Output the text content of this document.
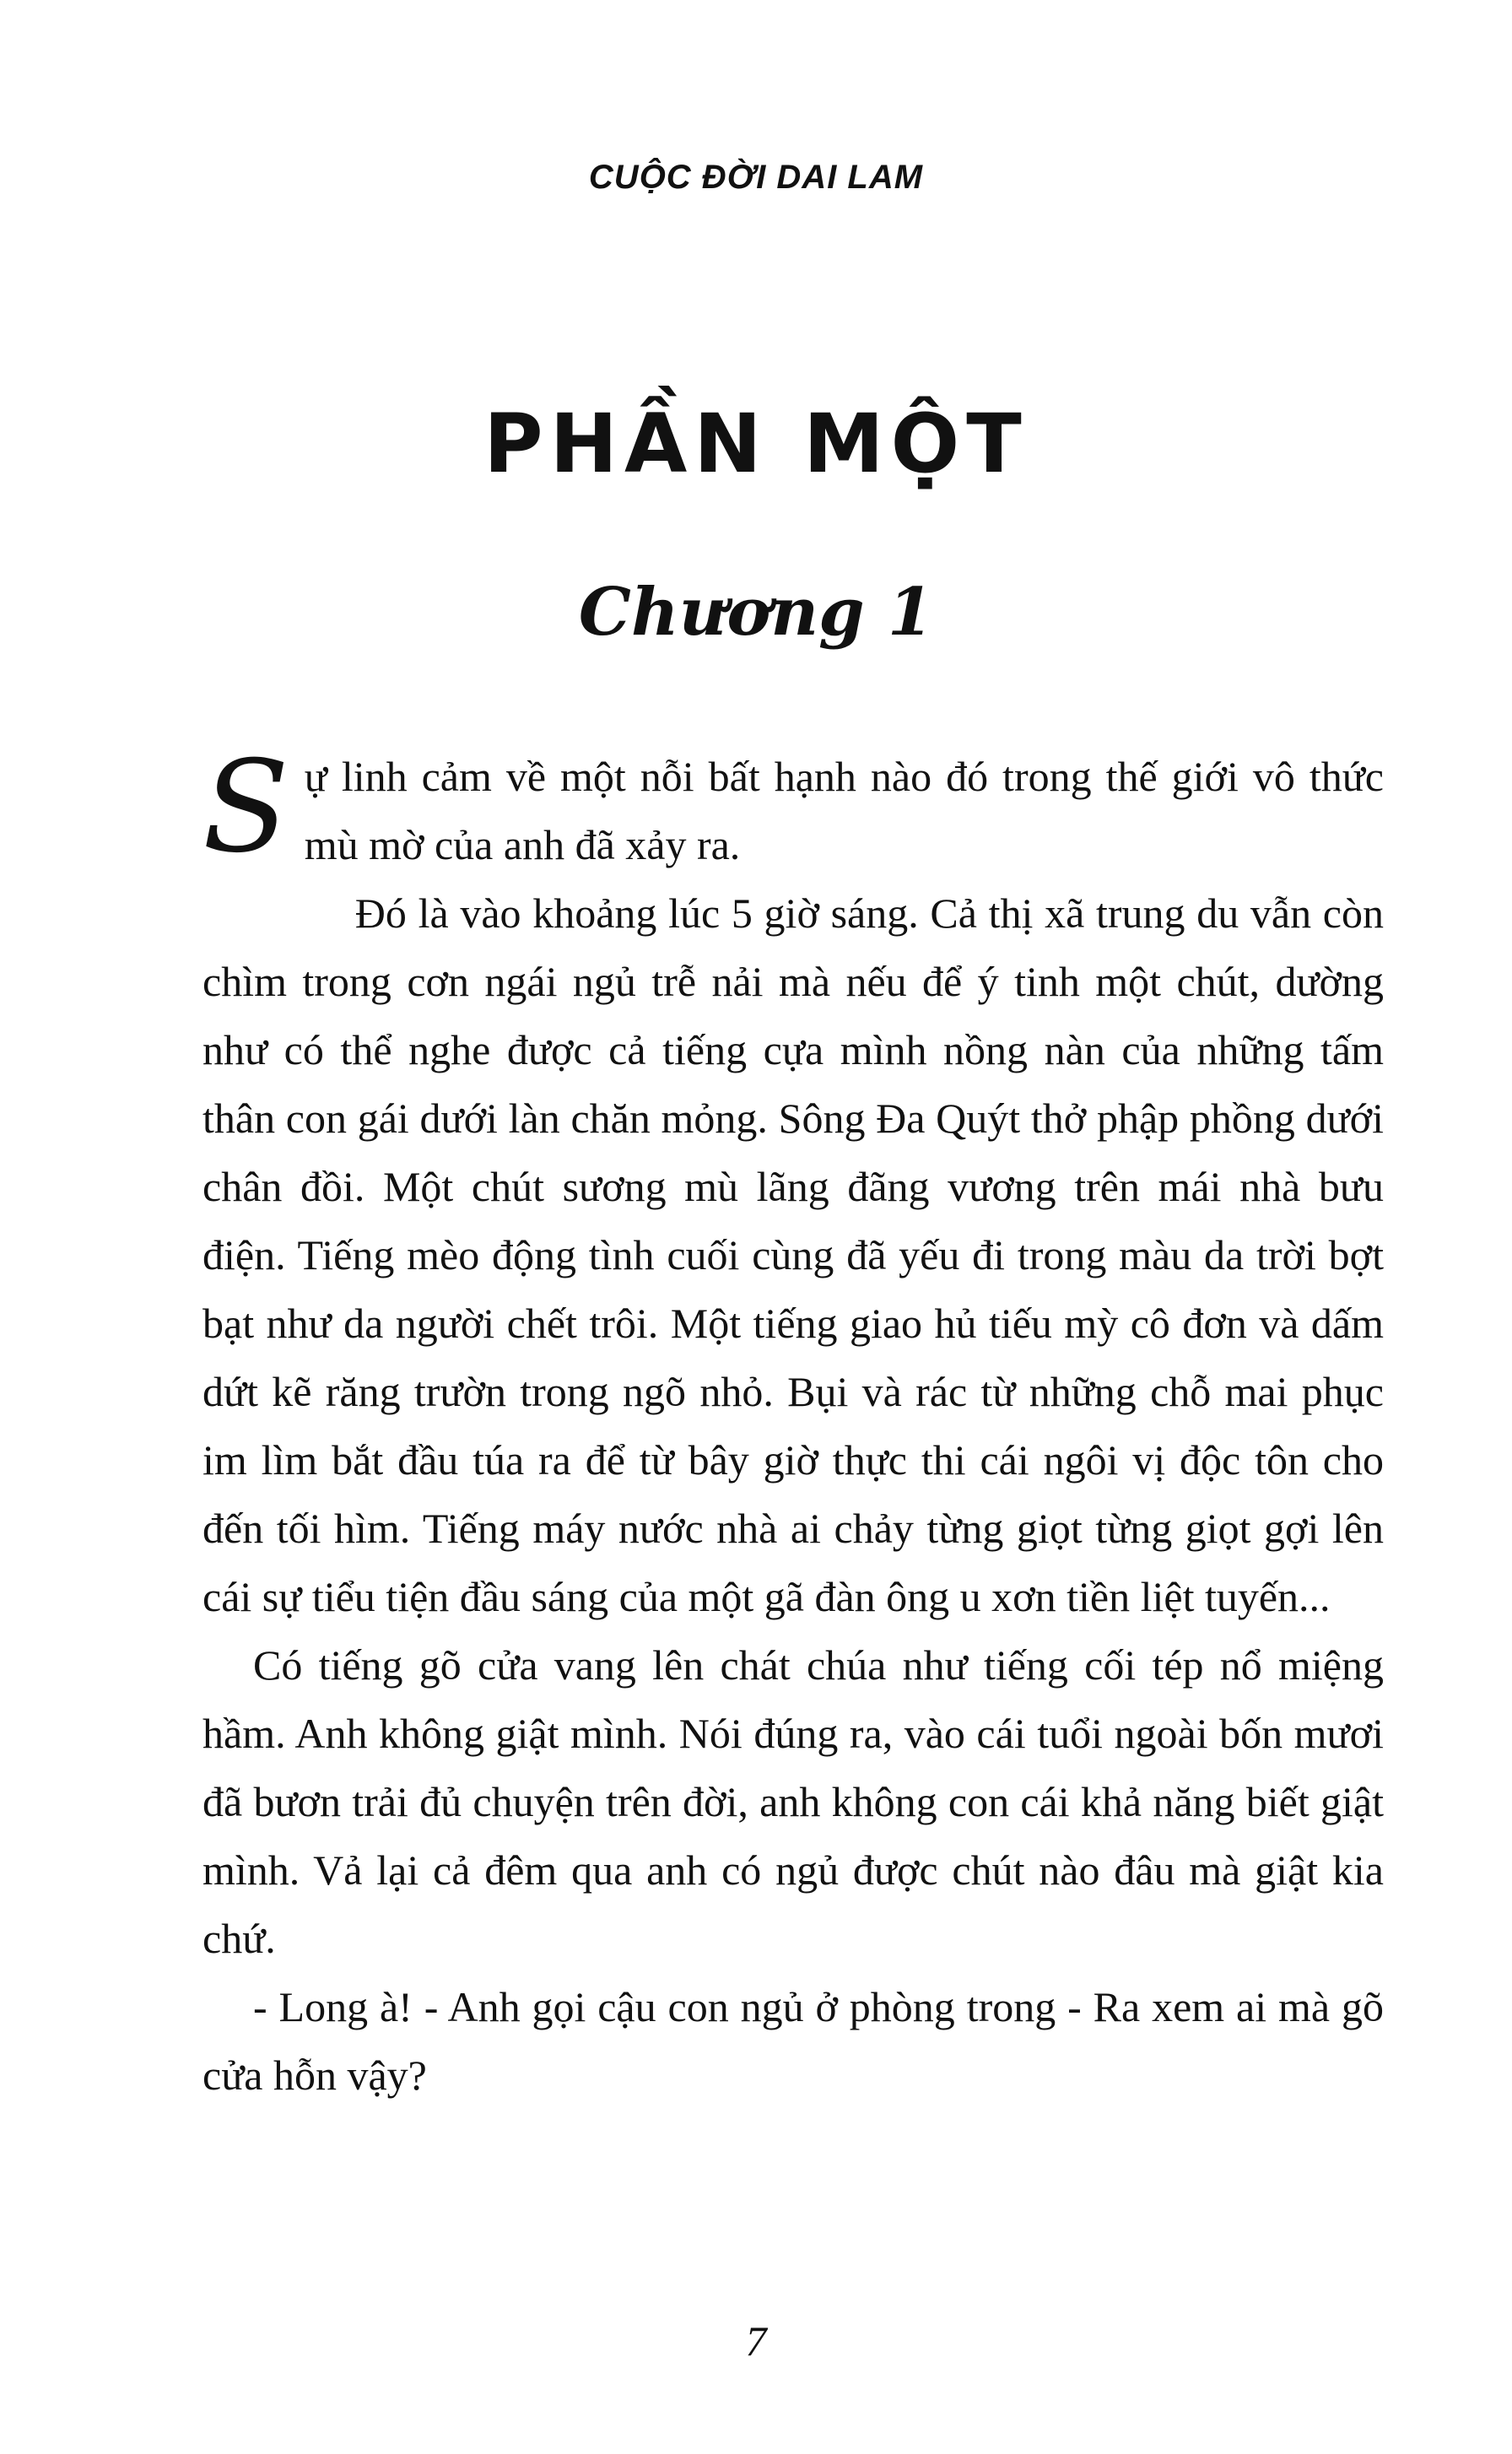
CUỘC ĐỜI DAI LAM
PHẦN MỘT
Chương 1

Sự linh cảm về một nỗi bất hạnh nào đó trong thế giới vô thức mù mờ của anh đã xảy ra.

Đó là vào khoảng lúc 5 giờ sáng. Cả thị xã trung du vẫn còn chìm trong cơn ngái ngủ trễ nải mà nếu để ý tinh một chút, dường như có thể nghe được cả tiếng cựa mình nồng nàn của những tấm thân con gái dưới làn chăn mỏng. Sông Đa Quýt thở phập phồng dưới chân đồi. Một chút sương mù lãng đãng vương trên mái nhà bưu điện. Tiếng mèo động tình cuối cùng đã yếu đi trong màu da trời bợt bạt như da người chết trôi. Một tiếng giao hủ tiếu mỳ cô đơn và dấm dứt kẽ răng trườn trong ngõ nhỏ. Bụi và rác từ những chỗ mai phục im lìm bắt đầu túa ra để từ bây giờ thực thi cái ngôi vị độc tôn cho đến tối hìm. Tiếng máy nước nhà ai chảy từng giọt từng giọt gợi lên cái sự tiểu tiện đầu sáng của một gã đàn ông u xơn tiền liệt tuyến...

Có tiếng gõ cửa vang lên chát chúa như tiếng cối tép nổ miệng hầm. Anh không giật mình. Nói đúng ra, vào cái tuổi ngoài bốn mươi đã bươn trải đủ chuyện trên đời, anh không con cái khả năng biết giật mình. Vả lại cả đêm qua anh có ngủ được chút nào đâu mà giật kia chứ.

- Long à! - Anh gọi cậu con ngủ ở phòng trong - Ra xem ai mà gõ cửa hỗn vậy?

7
